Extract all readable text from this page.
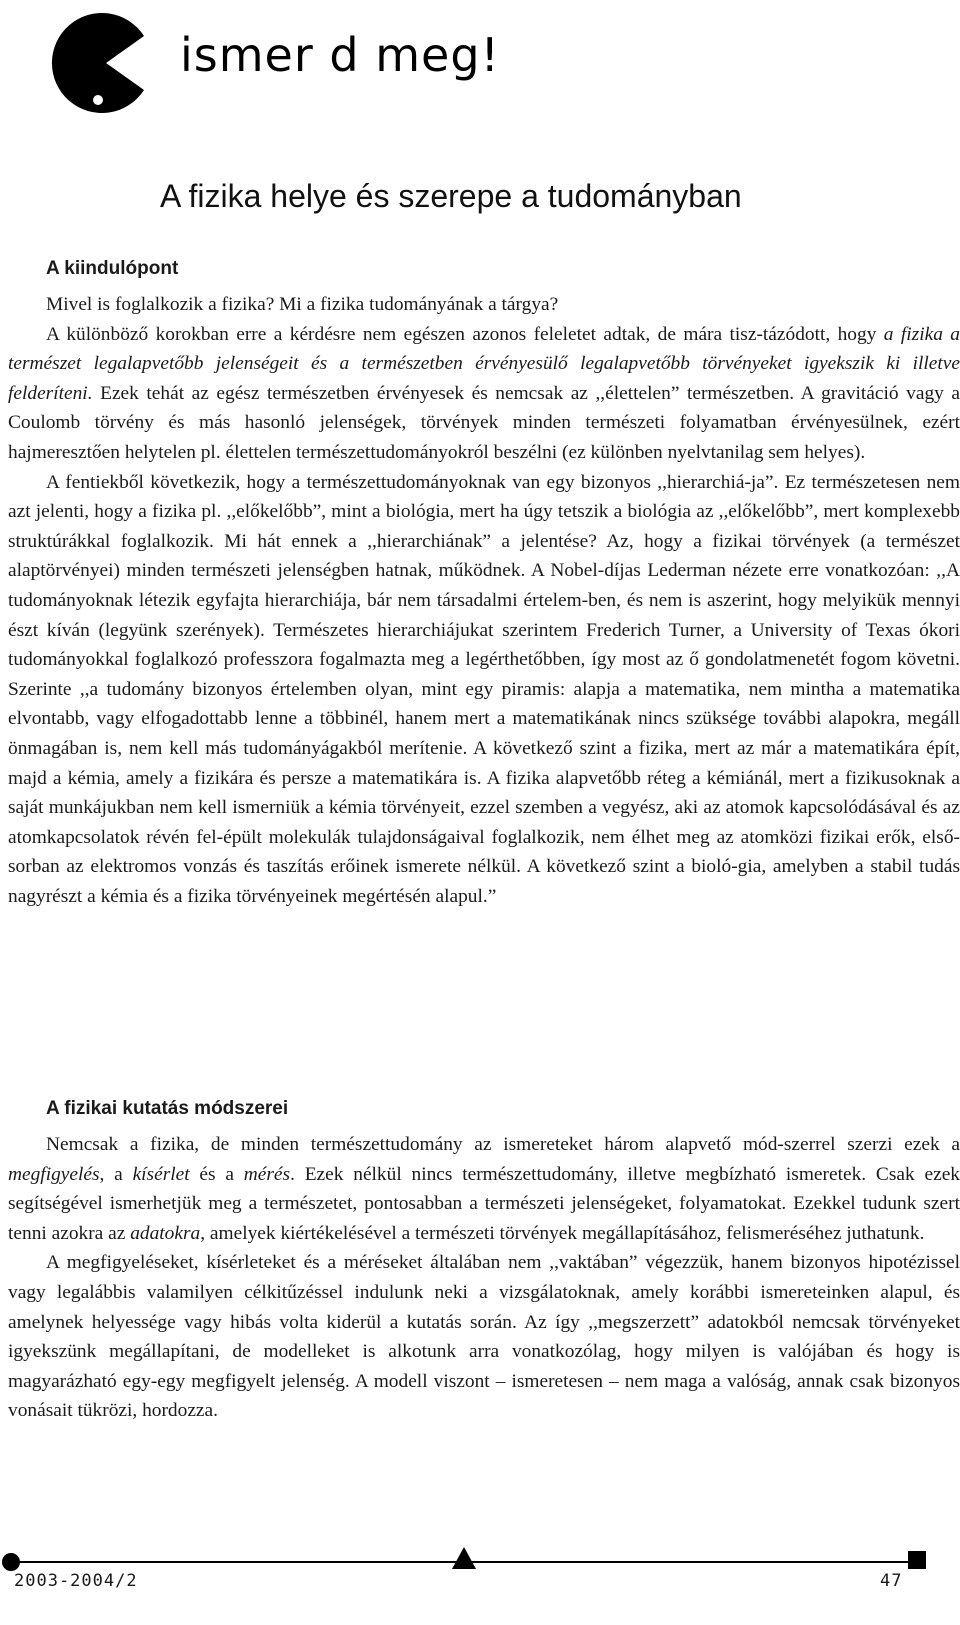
ismer d meg!
A fizika helye és szerepe a tudományban
A kiindulópont

Mivel is foglalkozik a fizika? Mi a fizika tudományának a tárgya?

A különböző korokban erre a kérdésre nem egészen azonos feleletet adtak, de mára tisz-tázódott, hogy a fizika a természet legalapvetőbb jelenségeit és a természetben érvényesülő legalapvetőbb törvényeket igyekszik ki illetve felderíteni. Ezek tehát az egész természetben érvényesek és nemcsak az ,,élettelen” természetben. A gravitáció vagy a Coulomb törvény és más hasonló jelenségek, törvények minden természeti folyamatban érvényesülnek, ezért hajmeresztően helytelen pl. élettelen természettudományokról beszélni (ez különben nyelvtanilag sem helyes).

A fentiekből következik, hogy a természettudományoknak van egy bizonyos ,,hierarchiá-ja”. Ez természetesen nem azt jelenti, hogy a fizika pl. ,,előkelőbb”, mint a biológia, mert ha úgy tetszik a biológia az ,,előkelőbb”, mert komplexebb struktúrákkal foglalkozik. Mi hát ennek a ,,hierarchiának” a jelentése? Az, hogy a fizikai törvények (a természet alaptörvényei) minden természeti jelenségben hatnak, működnek. A Nobel-díjas Lederman nézete erre vonatkozóan: ,,A tudományoknak létezik egyfajta hierarchiája, bár nem társadalmi értelem-ben, és nem is aszerint, hogy melyikük mennyi észt kíván (legyünk szerények). Természetes hierarchiájukat szerintem Frederich Turner, a University of Texas ókori tudományokkal foglalkozó professzora fogalmazta meg a legérthetőbben, így most az ő gondolatmenetét fogom követni. Szerinte ,,a tudomány bizonyos értelemben olyan, mint egy piramis: alapja a matematika, nem mintha a matematika elvontabb, vagy elfogadottabb lenne a többinél, hanem mert a matematikának nincs szüksége további alapokra, megáll önmagában is, nem kell más tudományágakból merítenie. A következő szint a fizika, mert az már a matematikára épít, majd a kémia, amely a fizikára és persze a matematikára is. A fizika alapvetőbb réteg a kémiánál, mert a fizikusoknak a saját munkájukban nem kell ismerniük a kémia törvényeit, ezzel szemben a vegyész, aki az atomok kapcsolódásával és az atomkapcsolatok révén fel-épült molekulák tulajdonságaival foglalkozik, nem élhet meg az atomközi fizikai erők, első-sorban az elektromos vonzás és taszítás erőinek ismerete nélkül. A következő szint a bioló-gia, amelyben a stabil tudás nagyrészt a kémia és a fizika törvényeinek megértésén alapul.”

A fizikai kutatás módszerei

Nemcsak a fizika, de minden természettudomány az ismereteket három alapvető mód-szerrel szerzi ezek a megfigyelés, a kísérlet és a mérés. Ezek nélkül nincs természettudomány, illetve megbízható ismeretek. Csak ezek segítségével ismerhetjük meg a természetet, pontosabban a természeti jelenségeket, folyamatokat. Ezekkel tudunk szert tenni azokra az adatokra, amelyek kiértékelésével a természeti törvények megállapításához, felismeréséhez juthatunk.

A megfigyeléseket, kísérleteket és a méréseket általában nem ,,vaktában” végezzük, hanem bizonyos hipotézissel vagy legalábbis valamilyen célkitűzéssel indulunk neki a vizsgálatoknak, amely korábbi ismereteinken alapul, és amelynek helyessége vagy hibás volta kiderül a kutatás során. Az így ,,megszerzett” adatokból nemcsak törvényeket igyekszünk megállapítani, de modelleket is alkotunk arra vonatkozólag, hogy milyen is valójában és hogy is magyarázható egy-egy megfigyelt jelenség. A modell viszont – ismeretesen – nem maga a valóság, annak csak bizonyos vonásait tükrözi, hordozza.

2003-2004/2	47
